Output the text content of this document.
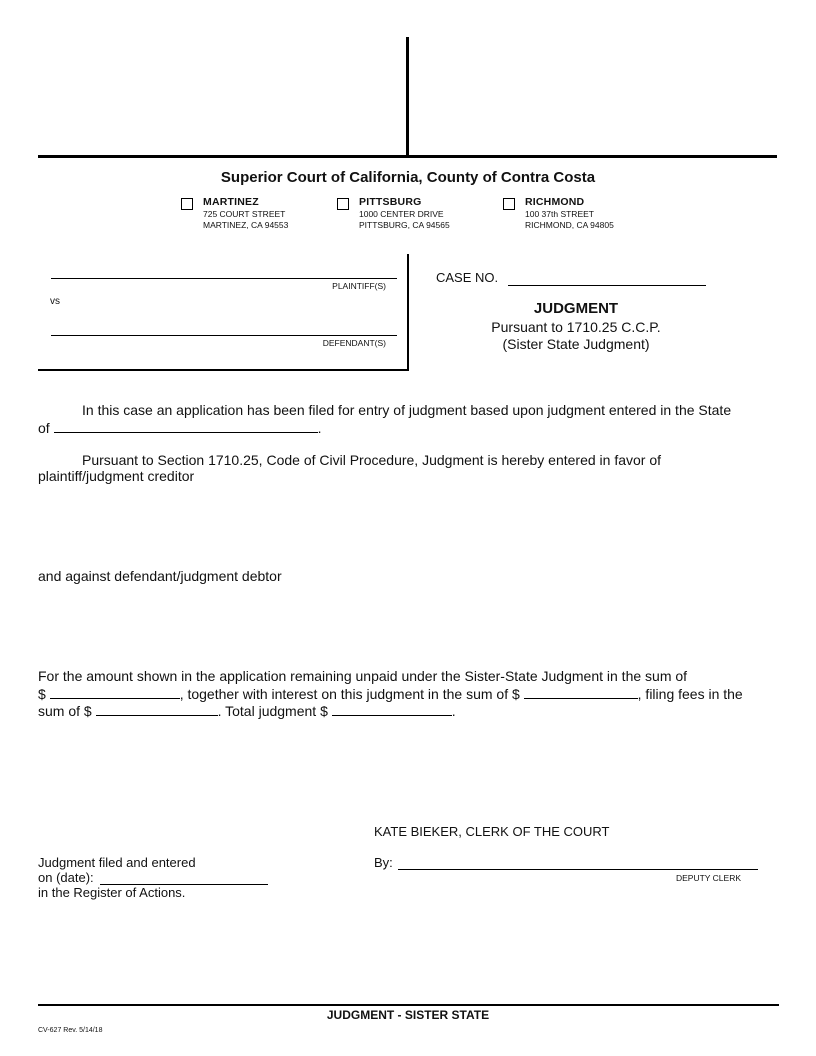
Superior Court of California, County of Contra Costa
MARTINEZ
725 COURT STREET
MARTINEZ, CA 94553
PITTSBURG
1000 CENTER DRIVE
PITTSBURG, CA 94565
RICHMOND
100 37th STREET
RICHMOND, CA 94805
PLAINTIFF(S)
vs
DEFENDANT(S)
CASE NO.
JUDGMENT
Pursuant to 1710.25 C.C.P.
(Sister State Judgment)
In this case an application has been filed for entry of judgment based upon judgment entered in the State
of	.
Pursuant to Section 1710.25, Code of Civil Procedure, Judgment is hereby entered in favor of
plaintiff/judgment creditor
and against defendant/judgment debtor
For the amount shown in the application remaining unpaid under the Sister-State Judgment in the sum of
$	, together with interest on this judgment in the sum of $	, filing fees in the
sum of $	. Total judgment $	.
KATE BIEKER, CLERK OF THE COURT
By:
DEPUTY CLERK
Judgment filed and entered
on (date):
in the Register of Actions.
JUDGMENT - SISTER STATE
CV-627 Rev. 5/14/18
